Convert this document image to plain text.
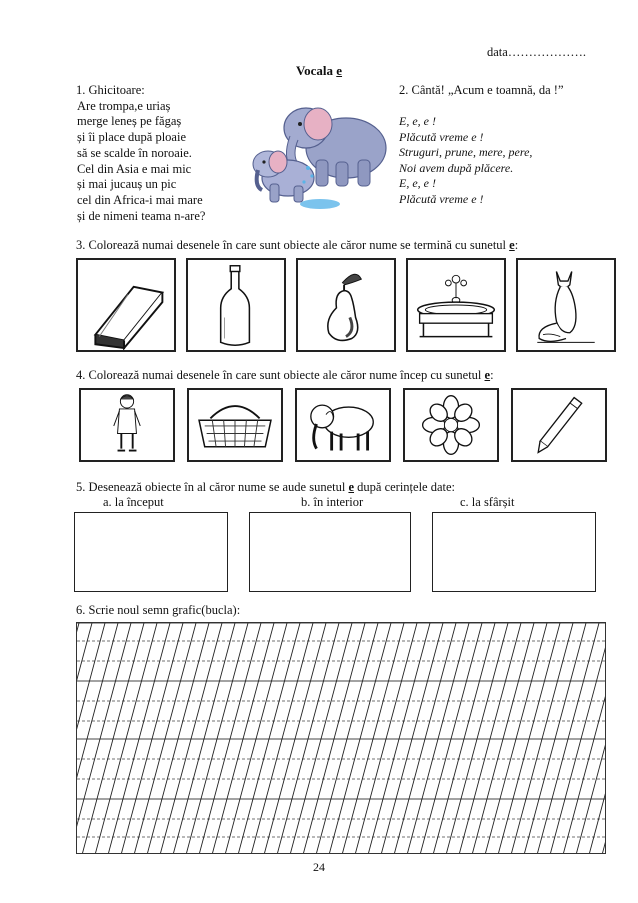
data……………….
Vocala e
1. Ghicitoare:
Are trompa,e uriaș
merge leneș pe făgaș
și îi place după ploaie
să se scalde în noroaie.
Cel din Asia e mai mic
și mai jucauș un pic
cel din Africa-i mai mare
și de nimeni teama n-are?
2. Cântă! „Acum e toamnă, da !”
E, e, e !
Plăcută vreme e !
Struguri, prune, mere, pere,
Noi avem după plăcere.
E, e, e !
Plăcută vreme e !
3. Colorează numai desenele în care sunt obiecte ale căror nume se termină cu sunetul e:
4. Colorează numai desenele în care sunt obiecte ale căror nume încep cu sunetul e:
5. Desenează obiecte în al căror nume se aude sunetul e după cerințele date:
a. la început	b. în interior	c. la sfârșit
6. Scrie noul semn grafic(bucla):
24
